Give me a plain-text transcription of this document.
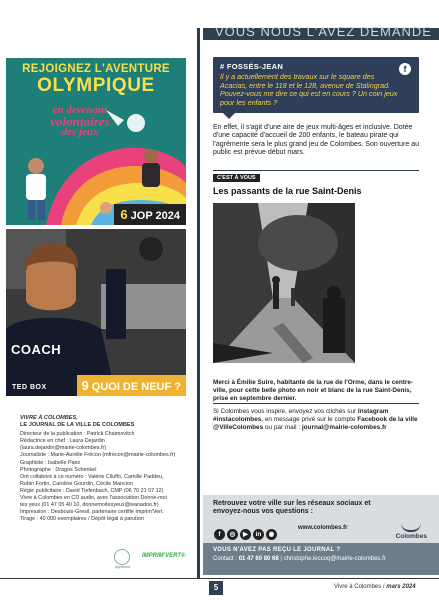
REJOIGNEZ L'AVENTURE
OLYMPIQUE
en devenant
volontaires
des jeux
6 JOP 2024
COACH
TED BOX	9 QUOI DE NEUF ?
VIVRE À COLOMBES,
LE JOURNAL DE LA VILLE DE COLOMBES
Directeur de la publication : Patrick Chaimovitch
Rédactrice en chef : Laura Dejardin
(laura.dejardin@mairie-colombes.fr)
Journaliste : Marie-Aurélie Frécon (mfrécon@mairie-colombes.fr)
Graphiste : Isabelle Paez
Photographe : Dragos Schenkel
Ont collaboré à ce numéro : Valérie Ciluffo, Camille Paddeu,
Robin Fortin, Caroline Gourdin, Cécile Mancion
Régie publicitaire : David Tiefenbach, CMP (06 70 21 07 12)
Vivre à Colombes en CD audio, avec l'association Donne-moi
tes yeux (01 47 05 40 10, donnemoitesyeux@wanadoo.fr)
Impression : Desbouis-Gresil, partenaire certifié Imprim'Vert.
Tirage : 40 000 exemplaires / Dépôt légal à parution
Agrément
IMPRIM'VERT®
VOUS NOUS L'AVEZ DEMANDÉ
# FOSSÉS-JEAN
Il y a actuellement des travaux sur le square des Acacias, entre le 118 et le 128, avenue de Stalingrad. Pouvez-vous me dire ce qui est en cours ? Un coin jeux pour les enfants ?
f
En effet, il s'agit d'une aire de jeux multi-âges et inclusive. Dotée d'une capacité d'accueil de 200 enfants, le bateau pirate qui l'agrémente sera le plus grand jeu de Colombes. Son ouverture au public est prévue début mars.
C'EST À VOUS
Les passants de la rue Saint-Denis
Merci à Émilie Suire, habitante de la rue de l'Orme, dans le centre-ville, pour cette belle photo en noir et blanc de la rue Saint-Denis, prise en septembre dernier.
Si Colombes vous inspire, envoyez vos clichés sur Instagram #instacolombes, en message privé sur le compte Facebook de la ville @VilleColombes ou par mail : journal@mairie-colombes.fr
Retrouvez votre ville sur les réseaux sociaux et envoyez-nous vos questions :
f ◎ ▶ in ◉
www.colombes.fr
Colombes
VOUS N'AVEZ PAS REÇU LE JOURNAL ?
Contact : 01 47 60 80 68 | christophe.leccoq@mairie-colombes.fr
5	Vivre à Colombes / mars 2024
